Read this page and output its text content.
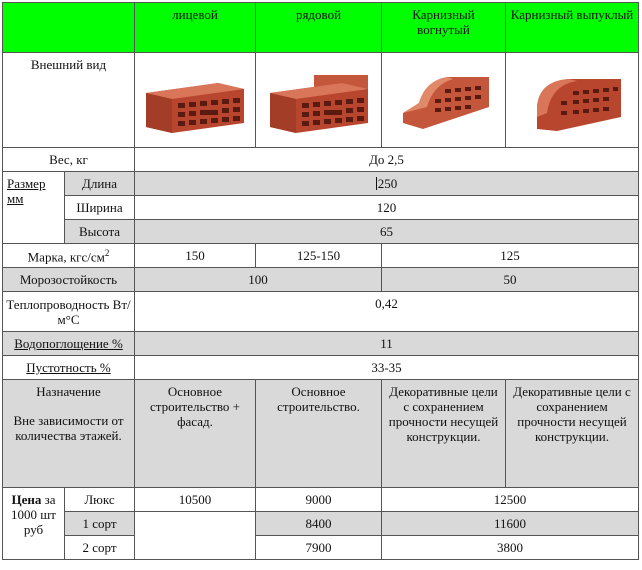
		лицевой	рядовой	Карнизный вогнутый	Карнизный выпуклый
Внешний вид	

Вес, кг		До 2,5			
Размер мм	Длина	250			
	Ширина	120			
	Высота	65			
Марка, кгс/$см^2$		150	125-150	125	
Морозостойкость		100		50	
Теплопроводность Вт/м°С		0,42			
Водопоглощение %		11			
Пустотность %		33-35			

Назначение
Вне зависимости от количества этажей.		Основное строительство + фасад.	Основное строительство.	Декоративные цели с сохранением прочности несущей конструкции.	Декоративные цели с сохранением прочности несущей конструкции.
Цена за 1000 шт руб	Люкс	10500	9000	12500	
	1 сорт		8400	11600	
	2 сорт		7900	3800	
